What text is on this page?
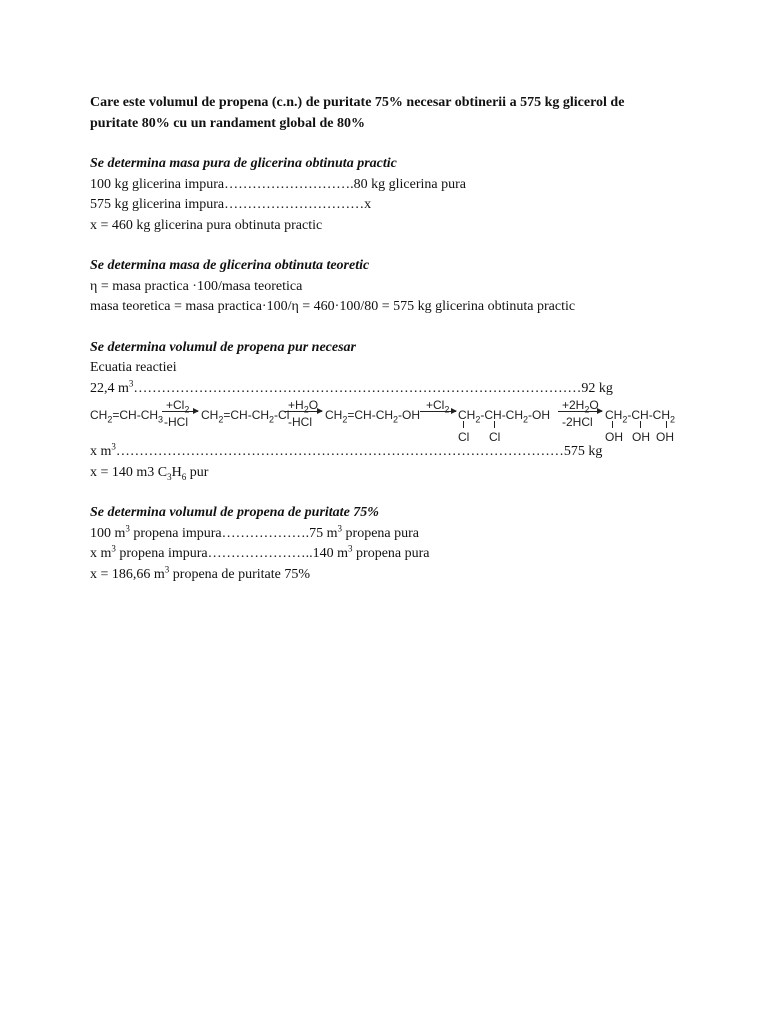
Care este volumul de propena (c.n.) de puritate 75% necesar obtinerii a 575 kg glicerol de
puritate 80% cu un randament global de 80%
Se determina masa pura de glicerina obtinuta practic
100 kg glicerina impura……………………….80 kg glicerina pura
575 kg glicerina impura…………………………x
x = 460 kg glicerina pura obtinuta practic
Se determina masa de glicerina obtinuta teoretic
η = masa practica ·100/masa teoretica
masa teoretica = masa practica·100/η = 460·100/80 = 575 kg glicerina obtinuta practic
Se determina volumul de propena pur necesar
Ecuatia reactiei
22,4 $m^3\dots\dots\dots\dots\dots\dots\dots\dots\dots\dots\dots\dots\dots\dots\dots\dots\dots\dots\dots\dots\dots\dots\dots\dots\dots\dots\dots\dots\dots\dots\dots\dots 92$ kg
$CH_2=CH-CH_3$
$+Cl_2$
-HCl $CH_2=CH-CH_2-Cl$
$+H_2O$
-HCl $CH_2=CH-CH_2-OH$
$+Cl_2 \to CH_2-CH-CH_2-OH$
Cl Cl
$+2H_2O$
-2HCl $CH_2-CH-CH_2$
OH OH OH
x $m^3\dots\dots\dots\dots\dots\dots\dots\dots\dots\dots\dots\dots\dots\dots\dots\dots\dots\dots\dots\dots\dots\dots\dots\dots\dots\dots\dots\dots\dots\dots\dots\dots 575$ kg
x = 140 m3 $C_3H_6$ pur
Se determina volumul de propena de puritate 75%
100 $m^3$ propena impura……………….75 $m^3$ propena pura
x $m^3$ propena impura…………………..140 $m^3$ propena pura
x = 186,66 $m^3$ propena de puritate 75%
